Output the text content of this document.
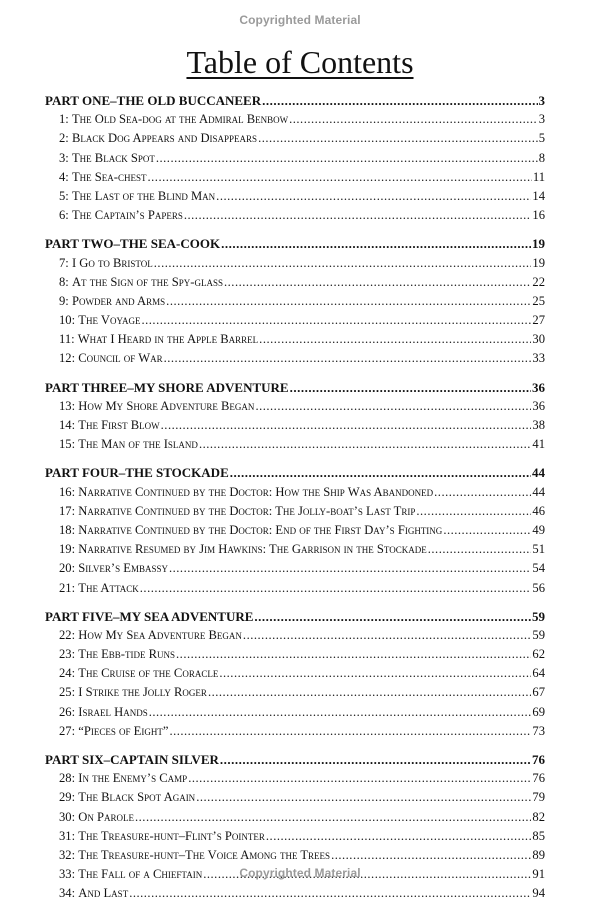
Copyrighted Material
Table of Contents
PART ONE–THE OLD BUCCANEER .....	3
1:
The Old Sea-dog at the Admiral Benbow .....	3
2:
Black Dog Appears and Disappears .....	5
3:
The Black Spot .....	8
4:
The Sea-chest .....	11
5:
The Last of the Blind Man .....	14
6:
The Captain’s Papers .....	16
PART TWO–THE SEA-COOK .....	19
7:
I Go to Bristol .....	19
8:
At the Sign of the Spy-glass .....	22
9:
Powder and Arms .....	25
10:
The Voyage .....	27
11:
What I Heard in the Apple Barrel .....	30
12:
Council of War .....	33
PART THREE–MY SHORE ADVENTURE .....	36
13:
How My Shore Adventure Began .....	36
14:
The First Blow .....	38
15:
The Man of the Island .....	41
PART FOUR–THE STOCKADE .....	44
16:
Narrative Continued by the Doctor: How the Ship Was Abandoned .....	44
17:
Narrative Continued by the Doctor: The Jolly-boat’s Last Trip .....	46
18:
Narrative Continued by the Doctor: End of the First Day’s Fighting .....	49
19:
Narrative Resumed by Jim Hawkins: The Garrison in the Stockade .....	51
20:
Silver’s Embassy .....	54
21:
The Attack .....	56
PART FIVE–MY SEA ADVENTURE .....	59
22:
How My Sea Adventure Began .....	59
23:
The Ebb-tide Runs .....	62
24:
The Cruise of the Coracle .....	64
25:
I Strike the Jolly Roger .....	67
26:
Israel Hands .....	69
27:
“Pieces of Eight” .....	73
PART SIX–CAPTAIN SILVER .....	76
28:
In the Enemy’s Camp .....	76
29:
The Black Spot Again .....	79
30:
On Parole .....	82
31:
The Treasure-hunt–Flint’s Pointer .....	85
32:
The Treasure-hunt–The Voice Among the Trees .....	89
33:
The Fall of a Chieftain .....	91
34:
And Last .....	94
Copyrighted Material
